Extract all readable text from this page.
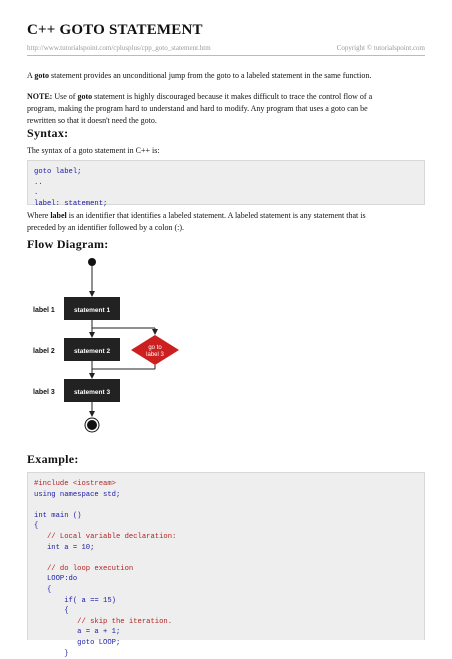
C++ GOTO STATEMENT
http://www.tutorialspoint.com/cplusplus/cpp_goto_statement.htm	Copyright © tutorialspoint.com
A goto statement provides an unconditional jump from the goto to a labeled statement in the same function.
NOTE: Use of goto statement is highly discouraged because it makes difficult to trace the control flow of a
program, making the program hard to understand and hard to modify. Any program that uses a goto can be
rewritten so that it doesn't need the goto.
Syntax:
The syntax of a goto statement in C++ is:
goto label;
..
.
label: statement;
Where label is an identifier that identifies a labeled statement. A labeled statement is any statement that is
preceded by an identifier followed by a colon (:).
Flow Diagram:
statement 1
label 1
statement 2
label 2	go to
label 3
statement 3
label 3
Example:
#include <iostream>
using namespace std;
int main ()
{
// Local variable declaration:
int a = 10;
// do loop execution
LOOP:do
{
if( a == 15)
{
// skip the iteration.
a = a + 1;
goto LOOP;
}
